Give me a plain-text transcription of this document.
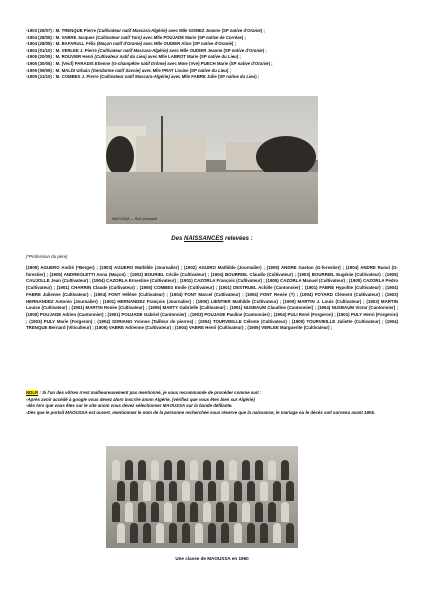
-1903 (25/07) : M. TRENQUE Pierre (Cultivateur natif Mascara-Algérie) avec Mlle GOMEZ Jeanne (SP native d'Oranie) ;
-1904 (28/05) : M. VABRE Jacques (Cultivateur natif Tarn) avec Mlle POUJADE Marie (SP native de Corrèze) ;
-1904 (28/05) : M. BAFARULL Félix (Maçon natif d'Oranie) avec Mlle OUDIER Alice (SP native d'Oranie) ;
-1904 (01/10) : M. VERLEE J. Pierre (Cultivateur natif Mascara-Algérie) avec Mlle OUDIER Jeanne (SP native d'Oranie) ;
-1905 (20/05) : M. ROUVIER Henri (Cultivateur natif du Lieu) avec Mlle LABROT Marie (SP native du Lieu) ;
-1905 (30/05) : M. (Veuf) PARADIS Etienne (G-champêtre natif Drôme) avec Mme (Vve) PUECH Marie (SP native d'Oranie) ;
-1905 (09/09) : M. MALDI Urbain (Gendarme natif Savoie) avec Mlle PRAT Louise (SP native du Lieu) ;
-1905 (21/10) : M. COMBES J. Pierre (Cultivateur natif Mascara-Algérie) avec Mlle FABRE Julie (SP native du Lieu) ;
MAOUSSA — Rue principale
Des NAISSANCES relevées :
(*Profession du père)
(1905) AGUERO André (*Berger) ; (1903) AGUERO Mathilde (Journalier) ; (1902) AGUIRO Mathilde (Journalier) ; (1905) ANDRE Gaston (G-forestier) ; (1904) ANDRE Raoul (G-forestier) ; (1905) ANDREOLETTI Anna (Maçon) ; (1902) BOURIEL Cécile (Cultivateur) ; (1904) BOURRIEL Claudio (Cultivateur) ; (1903) BOURRIEL Eugénie (Cultivateur) ; (1905) CAUJOLLE Jean (Cultivateur) ; (1904) CAZORLA Ernestine (Cultivateur) ; (1901) CAZORLA François (Cultivateur) ; (1905) CAZORLA Manuel (Cultivateur) ; (1900) CAZORLA Pedro (Cultivateur) ; (1901) CHARRIN Claude (Cultivateur) ; (1905) COMBES Emile (Cultivateur) ; (1901) DESTRUEL Achille (Cantonnier) ; (1901) FABRE Hypolite (Cultivateur) ; (1904) FABRE Julienne (Cultivateur) ; (1904) FONT Hélène (Cultivateur) ; (1904) FONT Marcel (Cultivateur) ; (1904) FONT Renée (?) ; (1904) FOYARD Clément (Cultivateur) ; (1903) HERNANDEZ Antonio (Journalier) ; (1901) HERNANDEZ François (Journalier) ; (1900) LIENTIER Mathilde (Cultivateur) ; (1900) MARTIN J. Louis (Cultivateur) ; (1903) MARTIN Louise (Cultivateur) ; (1901) MARTIN Renée (Cultivateur) ; (1905) MARTY Gabrielle (Cultivateur) ; (1901) NUSBAUM Claudine (Cantonnier) ; (1904) NUSBAUM Victor (Cantonnier) ; (1900) POUJADE Adrien (Cantonnier) ; (1901) POUJADE Gabriel (Cantonnier) ; (1903) POUJADE Pauline (Cantonnier) ; (1904) PULI René (Forgeron) ; (1901) PULY Henri (Forgeron) ; (1903) PULY Marie (Forgeron) ; (1904) SORIANO Yvonne (Tailleur de pierres) ; (1904) TOURVIEILLE Céleste (Cultivateur) ; (1900) TOURVIEILLE Juliette (Cultivateur) ; (1904) TRENQUE Bernard (Viticulteur) ; (1905) VABRE Adrienne (Cultivateur) ; (1904) VABRE Henri (Cultivateur) ; (1905) VERLEE Marguerite (Cultivateur) ;
NDLR : Si l'un des vôtres n'est malheureusement pas mentionné, je vous recommande de procéder comme suit :
-Après avoir accédé à google vous devez alors inscrire anom Algérie, (vérifiez que vous êtes bien sur Algérie)
-dès lors que vous êtes sur le site anom vous devez sélectionner MAOUSSA sur la bande défilante.
-Dès que le portail MAOUSSA est ouvert, mentionnez le nom de la personne recherchée sous réserve que la naissance, le mariage ou le décès soit survenu avant 1905.
Une classe de MAOUSSA en 1960
